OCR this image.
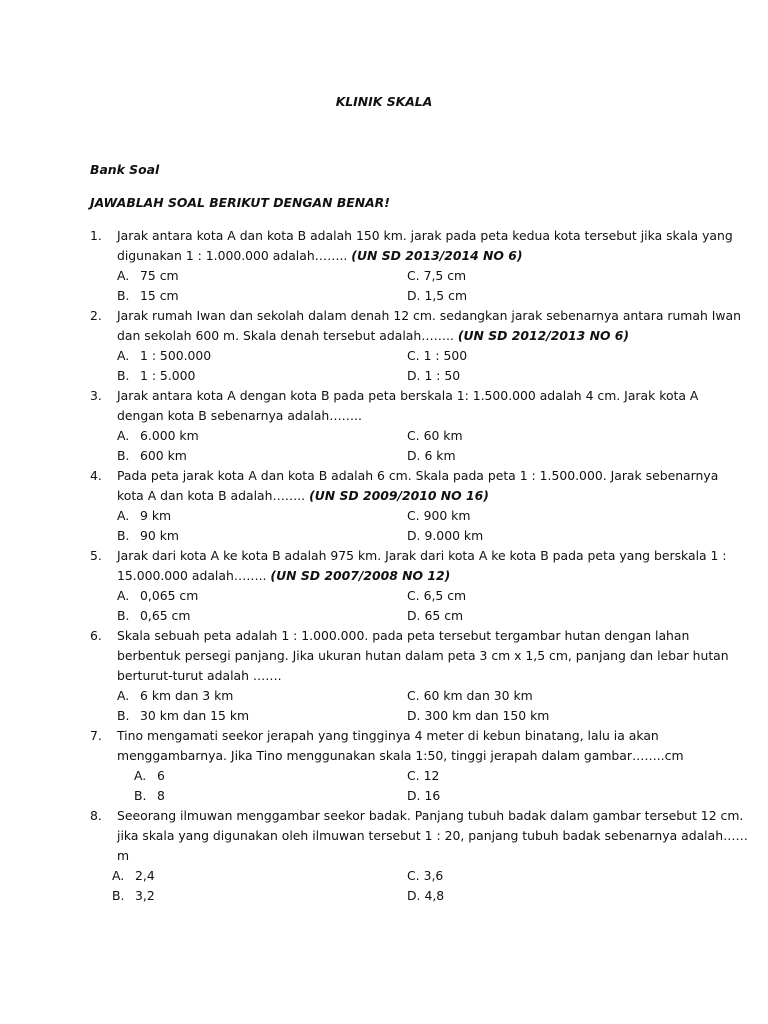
KLINIK SKALA
Bank Soal
JAWABLAH SOAL BERIKUT DENGAN BENAR!
1. Jarak antara kota A dan kota B adalah 150 km. jarak pada peta kedua kota tersebut jika skala yang
digunakan 1 : 1.000.000 adalah…….. (UN SD 2013/2014 NO 6)
A. 75 cm	C. 7,5 cm
B. 15 cm	D. 1,5 cm
2. Jarak rumah Iwan dan sekolah dalam denah 12 cm. sedangkan jarak sebenarnya antara rumah Iwan
dan sekolah 600 m. Skala denah tersebut adalah…….. (UN SD 2012/2013 NO 6)
A. 1 : 500.000	C. 1 : 500
B. 1 : 5.000	D. 1 : 50
3. Jarak antara kota A dengan kota B pada peta berskala 1: 1.500.000 adalah 4 cm. Jarak kota A
dengan kota B sebenarnya adalah……..
A. 6.000 km	C. 60 km
B. 600 km	D. 6 km
4. Pada peta jarak kota A dan kota B adalah 6 cm. Skala pada peta 1 : 1.500.000. Jarak sebenarnya
kota A dan kota B adalah…….. (UN SD 2009/2010 NO 16)
A. 9 km	C. 900 km
B. 90 km	D. 9.000 km
5. Jarak dari kota A ke kota B adalah 975 km. Jarak dari kota A ke kota B pada peta yang berskala 1 :
15.000.000 adalah…….. (UN SD 2007/2008 NO 12)
A. 0,065 cm	C. 6,5 cm
B. 0,65 cm	D. 65 cm
6. Skala sebuah peta adalah 1 : 1.000.000. pada peta tersebut tergambar hutan dengan lahan
berbentuk persegi panjang. Jika ukuran hutan dalam peta 3 cm x 1,5 cm, panjang dan lebar hutan
berturut-turut adalah …….
A. 6 km dan 3 km	C. 60 km dan 30 km
B. 30 km dan 15 km	D. 300 km dan 150 km
7. Tino mengamati seekor jerapah yang tingginya 4 meter di kebun binatang, lalu ia akan
menggambarnya. Jika Tino menggunakan skala 1:50, tinggi jerapah dalam gambar……..cm
A. 6	C. 12
B. 8	D. 16
8. Seeorang ilmuwan menggambar seekor badak. Panjang tubuh badak dalam gambar tersebut 12 cm.
jika skala yang digunakan oleh ilmuwan tersebut 1 : 20, panjang tubuh badak sebenarnya adalah……
m
A. 2,4	C. 3,6
B. 3,2	D. 4,8
